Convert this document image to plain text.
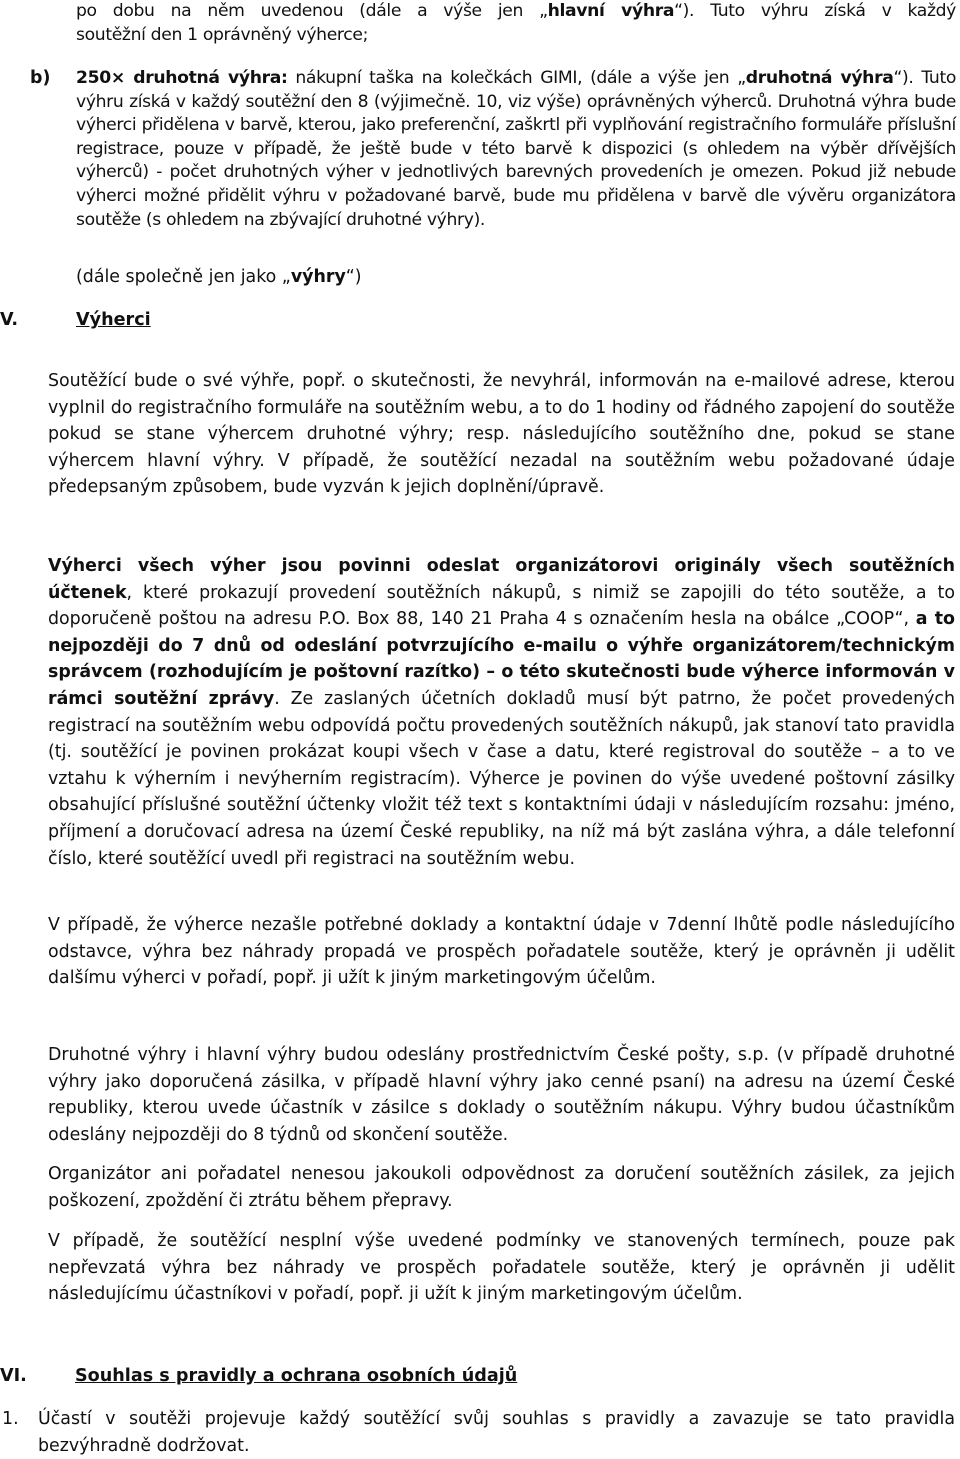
po dobu na něm uvedenou (dále a výše jen „hlavní výhra“). Tuto výhru získá v každý

soutěžní den 1 oprávněný výherce;

b) 250× druhotná výhra: nákupní taška na kolečkách GIMI, (dále a výše jen „druhotná výhra“). Tuto výhru získá v každý soutěžní den 8 (výjimečně. 10, viz výše) oprávněných výherců. Druhotná výhra bude výherci přidělena v barvě, kterou, jako preferenční, zaškrtl při vyplňování registračního formuláře příslušní registrace, pouze v případě, že ještě bude v této barvě k dispozici (s ohledem na výběr dřívějších výherců) - počet druhotných výher v jednotlivých barevných provedeních je omezen. Pokud již nebude výherci možné přidělit výhru v požadované barvě, bude mu přidělena v barvě dle vývěru organizátora soutěže (s ohledem na zbývající druhotné výhry).

(dále společně jen jako „výhry“)
V.	Výherci

Soutěžící bude o své výhře, popř. o skutečnosti, že nevyhrál, informován na e-mailové adrese, kterou vyplnil do registračního formuláře na soutěžním webu, a to do 1 hodiny od řádného zapojení do soutěže pokud se stane výhercem druhotné výhry; resp. následujícího soutěžního dne, pokud se stane výhercem hlavní výhry. V případě, že soutěžící nezadal na soutěžním webu požadované údaje předepsaným způsobem, bude vyzván k jejich doplnění/úpravě.

Výherci všech výher jsou povinni odeslat organizátorovi originály všech soutěžních účtenek, které prokazují provedení soutěžních nákupů, s nimiž se zapojili do této soutěže, a to doporučeně poštou na adresu P.O. Box 88, 140 21 Praha 4 s označením hesla na obálce „COOP“, a to nejpozději do 7 dnů od odeslání potvrzujícího e-mailu o výhře organizátorem/technickým správcem (rozhodujícím je poštovní razítko) – o této skutečnosti bude výherce informován v rámci soutěžní zprávy. Ze zaslaných účetních dokladů musí být patrno, že počet provedených registrací na soutěžním webu odpovídá počtu provedených soutěžních nákupů, jak stanoví tato pravidla (tj. soutěžící je povinen prokázat koupi všech v čase a datu, které registroval do soutěže – a to ve vztahu k výherním i nevýherním registracím). Výherce je povinen do výše uvedené poštovní zásilky obsahující příslušné soutěžní účtenky vložit též text s kontaktními údaji v následujícím rozsahu: jméno, příjmení a doručovací adresa na území České republiky, na níž má být zaslána výhra, a dále telefonní číslo, které soutěžící uvedl při registraci na soutěžním webu.

V případě, že výherce nezašle potřebné doklady a kontaktní údaje v 7denní lhůtě podle následujícího odstavce, výhra bez náhrady propadá ve prospěch pořadatele soutěže, který je oprávněn ji udělit dalšímu výherci v pořadí, popř. ji užít k jiným marketingovým účelům.

Druhotné výhry i hlavní výhry budou odeslány prostřednictvím České pošty, s.p. (v případě druhotné výhry jako doporučená zásilka, v případě hlavní výhry jako cenné psaní) na adresu na území České republiky, kterou uvede účastník v zásilce s doklady o soutěžním nákupu. Výhry budou účastníkům odeslány nejpozději do 8 týdnů od skončení soutěže.

Organizátor ani pořadatel nenesou jakoukoli odpovědnost za doručení soutěžních zásilek, za jejich poškození, zpoždění či ztrátu během přepravy.

V případě, že soutěžící nesplní výše uvedené podmínky ve stanovených termínech, pouze pak nepřevzatá výhra bez náhrady ve prospěch pořadatele soutěže, který je oprávněn ji udělit následujícímu účastníkovi v pořadí, popř. ji užít k jiným marketingovým účelům.

VI.	Souhlas s pravidly a ochrana osobních údajů
1. Účastí v soutěži projevuje každý soutěžící svůj souhlas s pravidly a zavazuje se tato pravidla bezvýhradně dodržovat.
